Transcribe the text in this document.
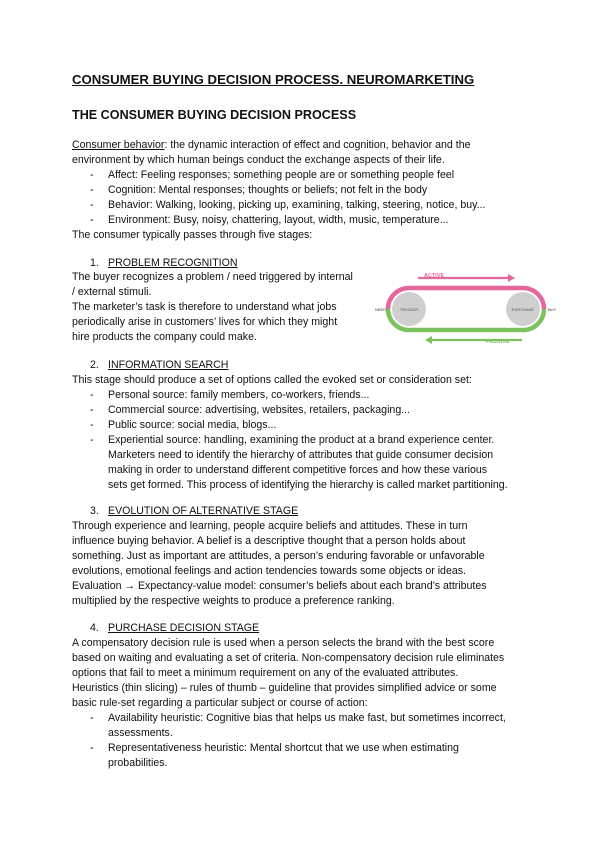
CONSUMER BUYING DECISION PROCESS. NEUROMARKETING
THE CONSUMER BUYING DECISION PROCESS
Consumer behavior: the dynamic interaction of effect and cognition, behavior and the
environment by which human beings conduct the exchange aspects of their life.
- Affect: Feeling responses; something people are or something people feel
- Cognition: Mental responses; thoughts or beliefs; not felt in the body
- Behavior: Walking, looking, picking up, examining, talking, steering, notice, buy...
- Environment: Busy, noisy, chattering, layout, width, music, temperature...
The consumer typically passes through five stages:
1. PROBLEM RECOGNITION
The buyer recognizes a problem / need triggered by internal
/ external stimuli.
The marketer’s task is therefore to understand what jobs
periodically arise in customers’ lives for which they might
hire products the company could make.
ACTIVE
TRIGGER	PURCHASE
NEED	BUY
PASSIVE
2. INFORMATION SEARCH
This stage should produce a set of options called the evoked set or consideration set:
- Personal source: family members, co-workers, friends...
- Commercial source: advertising, websites, retailers, packaging...
- Public source: social media, blogs...
- Experiential source: handling, examining the product at a brand experience center.
Marketers need to identify the hierarchy of attributes that guide consumer decision
making in order to understand different competitive forces and how these various
sets get formed. This process of identifying the hierarchy is called market partitioning.
3. EVOLUTION OF ALTERNATIVE STAGE
Through experience and learning, people acquire beliefs and attitudes. These in turn
influence buying behavior. A belief is a descriptive thought that a person holds about
something. Just as important are attitudes, a person’s enduring favorable or unfavorable
evolutions, emotional feelings and action tendencies towards some objects or ideas.
Evaluation → Expectancy-value model: consumer’s beliefs about each brand’s attributes
multiplied by the respective weights to produce a preference ranking.
4. PURCHASE DECISION STAGE
A compensatory decision rule is used when a person selects the brand with the best score
based on waiting and evaluating a set of criteria. Non-compensatory decision rule eliminates
options that fail to meet a minimum requirement on any of the evaluated attributes.
Heuristics (thin slicing) – rules of thumb – guideline that provides simplified advice or some
basic rule-set regarding a particular subject or course of action:
- Availability heuristic: Cognitive bias that helps us make fast, but sometimes incorrect,
assessments.
- Representativeness heuristic: Mental shortcut that we use when estimating
probabilities.
